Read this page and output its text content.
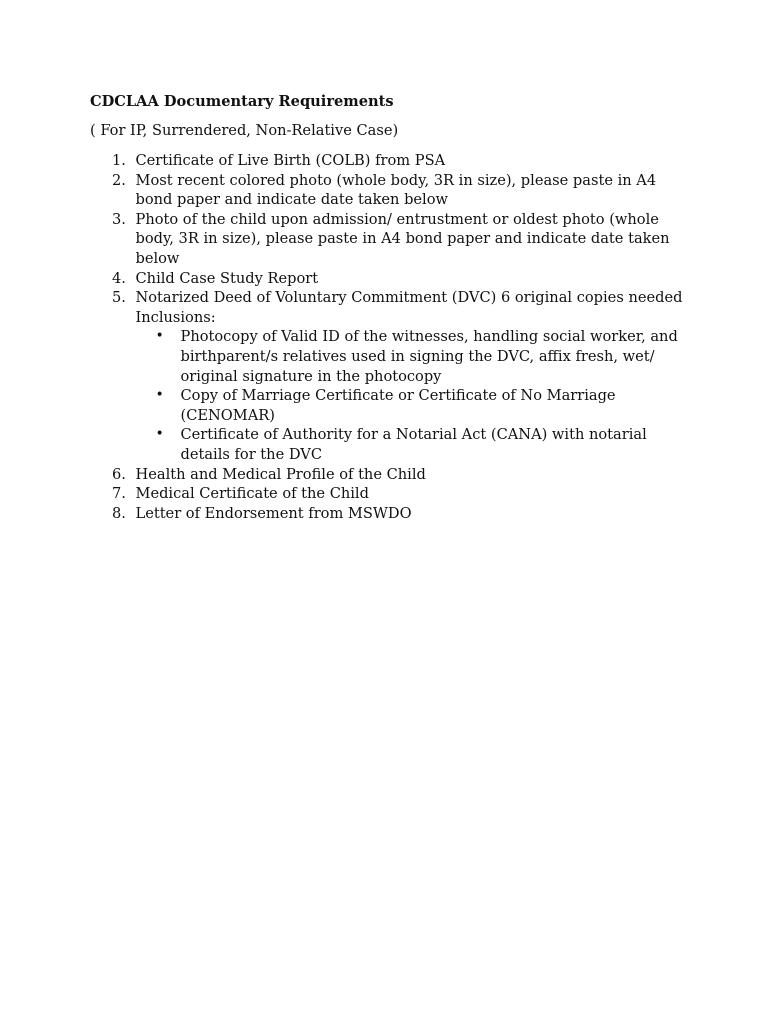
CDCLAA Documentary Requirements

( For IP, Surrendered, Non-Relative Case)

1. Certificate of Live Birth (COLB) from PSA
2. Most recent colored photo (whole body, 3R in size), please paste in A4 bond paper and indicate date taken below
3. Photo of the child upon admission/ entrustment or oldest photo (whole body, 3R in size), please paste in A4 bond paper and indicate date taken below
4. Child Case Study Report
5. Notarized Deed of Voluntary Commitment (DVC) 6 original copies needed
Inclusions:
• Photocopy of Valid ID of the witnesses, handling social worker, and birthparent/s relatives used in signing the DVC, affix fresh, wet/ original signature in the photocopy
• Copy of Marriage Certificate or Certificate of No Marriage (CENOMAR)
• Certificate of Authority for a Notarial Act (CANA) with notarial details for the DVC
6. Health and Medical Profile of the Child
7. Medical Certificate of the Child
8. Letter of Endorsement from MSWDO
